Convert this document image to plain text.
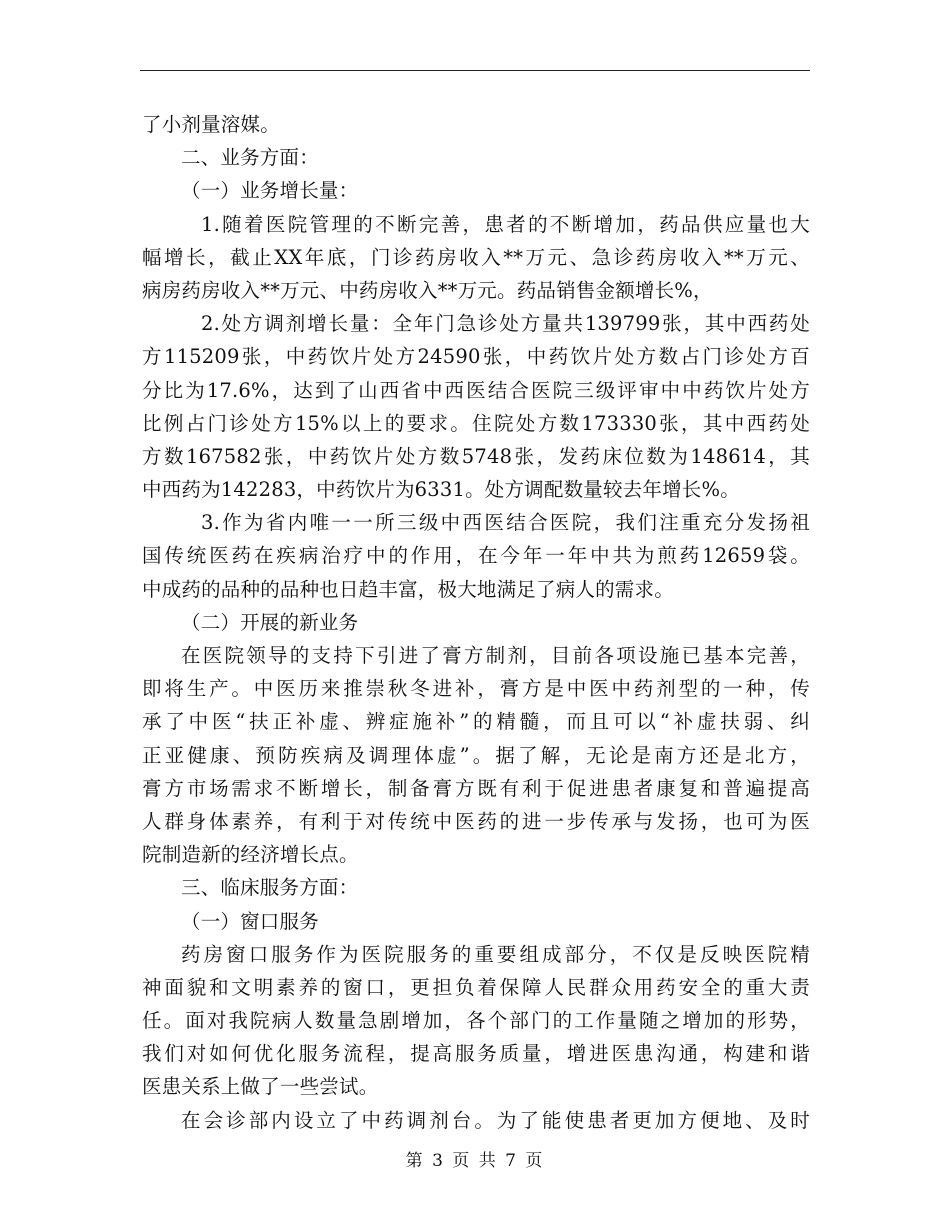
了小剂量溶媒。
二、业务方面：
（一）业务增长量：
1.随着医院管理的不断完善，患者的不断增加，药品供应量也大
幅增长，截止XX年底，门诊药房收入**万元、急诊药房收入**万元、
病房药房收入**万元、中药房收入**万元。药品销售金额增长%，
2.处方调剂增长量：全年门急诊处方量共139799张，其中西药处
方115209张，中药饮片处方24590张，中药饮片处方数占门诊处方百
分比为17.6%，达到了山西省中西医结合医院三级评审中中药饮片处方
比例占门诊处方15%以上的要求。住院处方数173330张，其中西药处
方数167582张，中药饮片处方数5748张，发药床位数为148614，其
中西药为142283，中药饮片为6331。处方调配数量较去年增长%。
3.作为省内唯一一所三级中西医结合医院，我们注重充分发扬祖
国传统医药在疾病治疗中的作用，在今年一年中共为煎药12659袋。
中成药的品种的品种也日趋丰富，极大地满足了病人的需求。
（二）开展的新业务
在医院领导的支持下引进了膏方制剂，目前各项设施已基本完善，
即将生产。中医历来推崇秋冬进补，膏方是中医中药剂型的一种，传
承了中医“扶正补虚、辨症施补”的精髓，而且可以“补虚扶弱、纠
正亚健康、预防疾病及调理体虚”。据了解，无论是南方还是北方，
膏方市场需求不断增长，制备膏方既有利于促进患者康复和普遍提高
人群身体素养，有利于对传统中医药的进一步传承与发扬，也可为医
院制造新的经济增长点。
三、临床服务方面：
（一）窗口服务
药房窗口服务作为医院服务的重要组成部分，不仅是反映医院精
神面貌和文明素养的窗口，更担负着保障人民群众用药安全的重大责
任。面对我院病人数量急剧增加，各个部门的工作量随之增加的形势，
我们对如何优化服务流程，提高服务质量，增进医患沟通，构建和谐
医患关系上做了一些尝试。
在会诊部内设立了中药调剂台。为了能使患者更加方便地、及时
第 3 页 共 7 页
